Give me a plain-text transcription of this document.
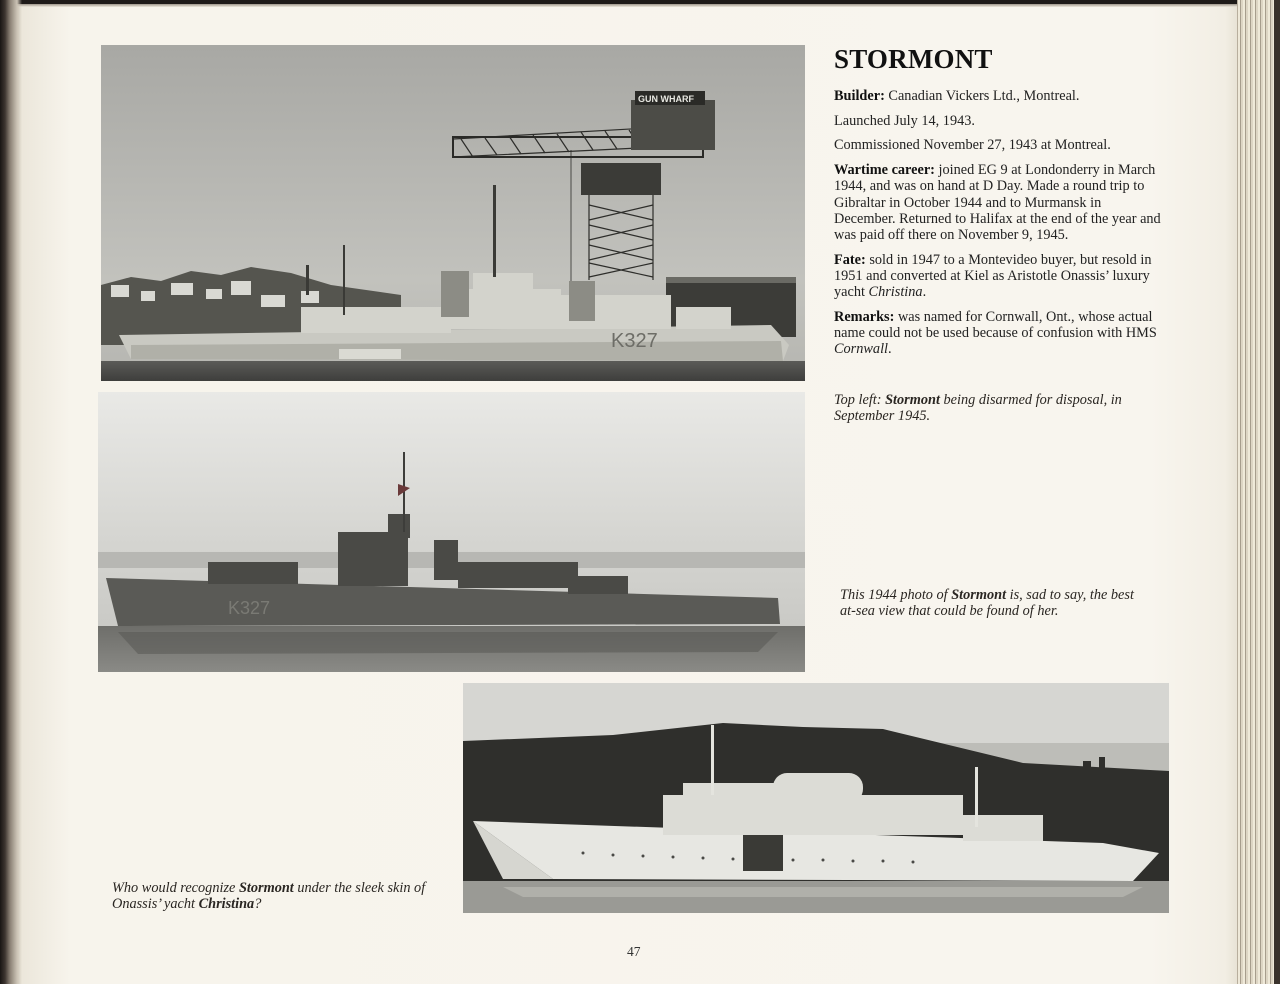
GUN WHARF
K327
K327
STORMONT

Builder: Canadian Vickers Ltd., Montreal.

Launched July 14, 1943.

Commissioned November 27, 1943 at Montreal.

Wartime career: joined EG 9 at Londonderry in March 1944, and was on hand at D Day. Made a round trip to Gibraltar in October 1944 and to Murmansk in December. Returned to Halifax at the end of the year and was paid off there on November 9, 1945.

Fate: sold in 1947 to a Montevideo buyer, but resold in 1951 and converted at Kiel as Aristotle Onassis’ luxury yacht Christina.

Remarks: was named for Cornwall, Ont., whose actual name could not be used because of confusion with HMS Cornwall.

Top left: Stormont being disarmed for disposal, in September 1945.
This 1944 photo of Stormont is, sad to say, the best at-sea view that could be found of her.
Who would recognize Stormont under the sleek skin of Onassis’ yacht Christina?
47
